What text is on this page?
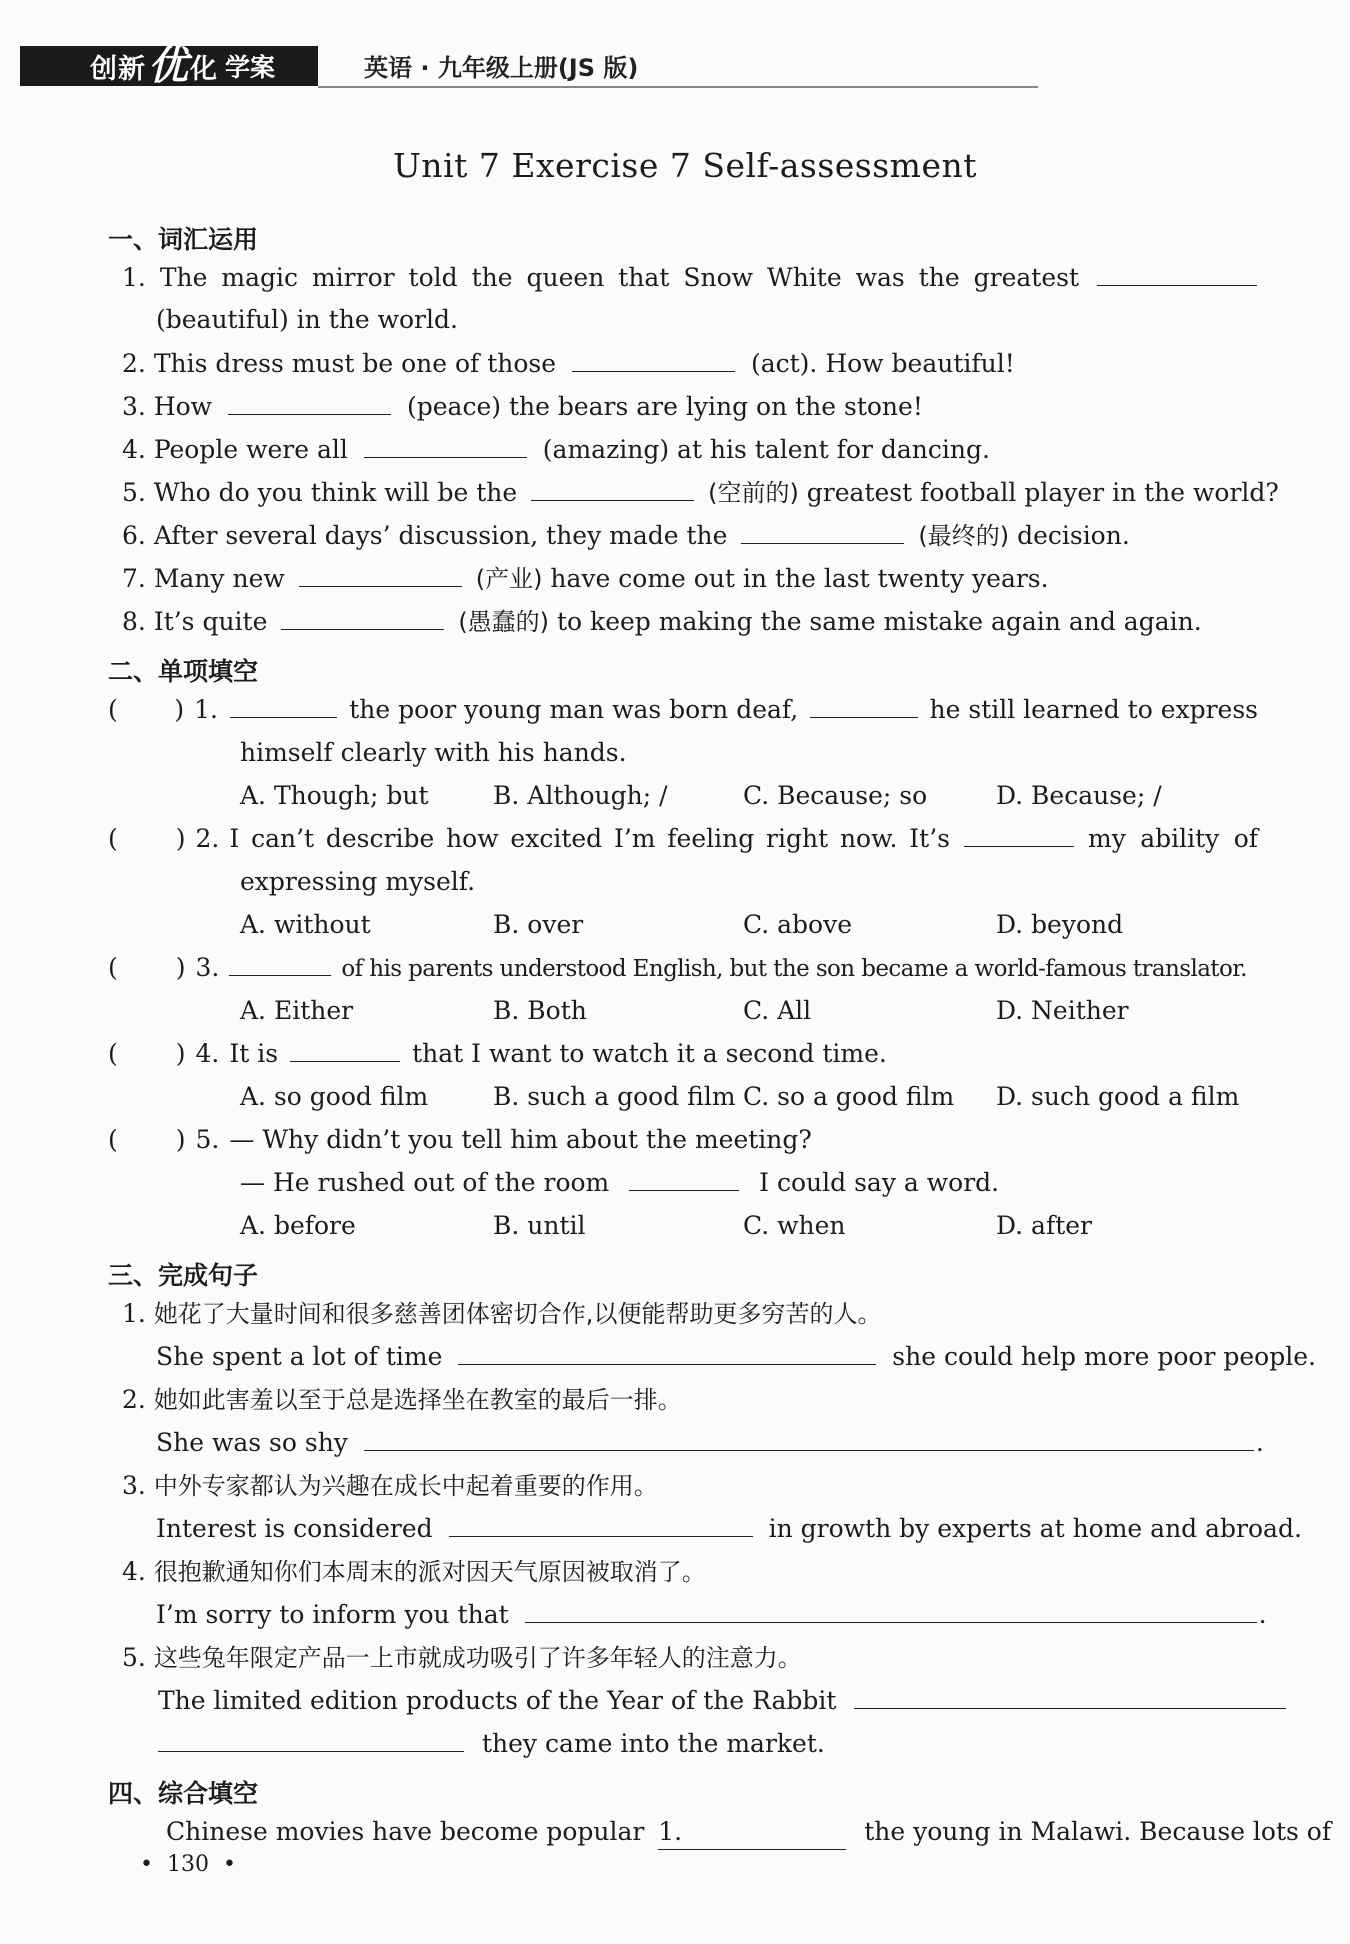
创新 优 化 学案	英语 · 九年级上册(JS 版)
Unit 7 Exercise 7 Self-assessment
一、词汇运用
1. The magic mirror told the queen that Snow White was the greatest
(beautiful) in the world.
2. This dress must be one of those	(act). How beautiful!
3. How	(peace) the bears are lying on the stone!
4. People were all	(amazing) at his talent for dancing.
5. Who do you think will be the	(空前的) greatest football player in the world?
6. After several days’ discussion, they made the	(最终的) decision.
7. Many new	(产业) have come out in the last twenty years.
8. It’s quite	(愚蠢的) to keep making the same mistake again and again.
二、单项填空
( ) 1.	the poor young man was born deaf,	he still learned to express
himself clearly with his hands.
A. Though; but	B. Although; /	C. Because; so	D. Because; /
( ) 2. I can’t describe how excited I’m feeling right now. It’s	my ability of
expressing myself.
A. without	B. over	C. above	D. beyond
( ) 3.	of his parents understood English, but the son became a world-famous translator.
A. Either	B. Both	C. All	D. Neither
( ) 4. It is	that I want to watch it a second time.
A. so good film	B. such a good film C. so a good film D. such good a film
( ) 5. — Why didn’t you tell him about the meeting?
— He rushed out of the room	I could say a word.
A. before	B. until	C. when	D. after
三、完成句子
1. 她花了大量时间和很多慈善团体密切合作,以便能帮助更多穷苦的人。
She spent a lot of time	she could help more poor people.
2. 她如此害羞以至于总是选择坐在教室的最后一排。
She was so shy	.
3. 中外专家都认为兴趣在成长中起着重要的作用。
Interest is considered	in growth by experts at home and abroad.
4. 很抱歉通知你们本周末的派对因天气原因被取消了。
I’m sorry to inform you that	.
5. 这些兔年限定产品一上市就成功吸引了许多年轻人的注意力。
The limited edition products of the Year of the Rabbit
they came into the market.
四、综合填空
Chinese movies have become popular 1.	the young in Malawi. Because lots of
• 130 •
